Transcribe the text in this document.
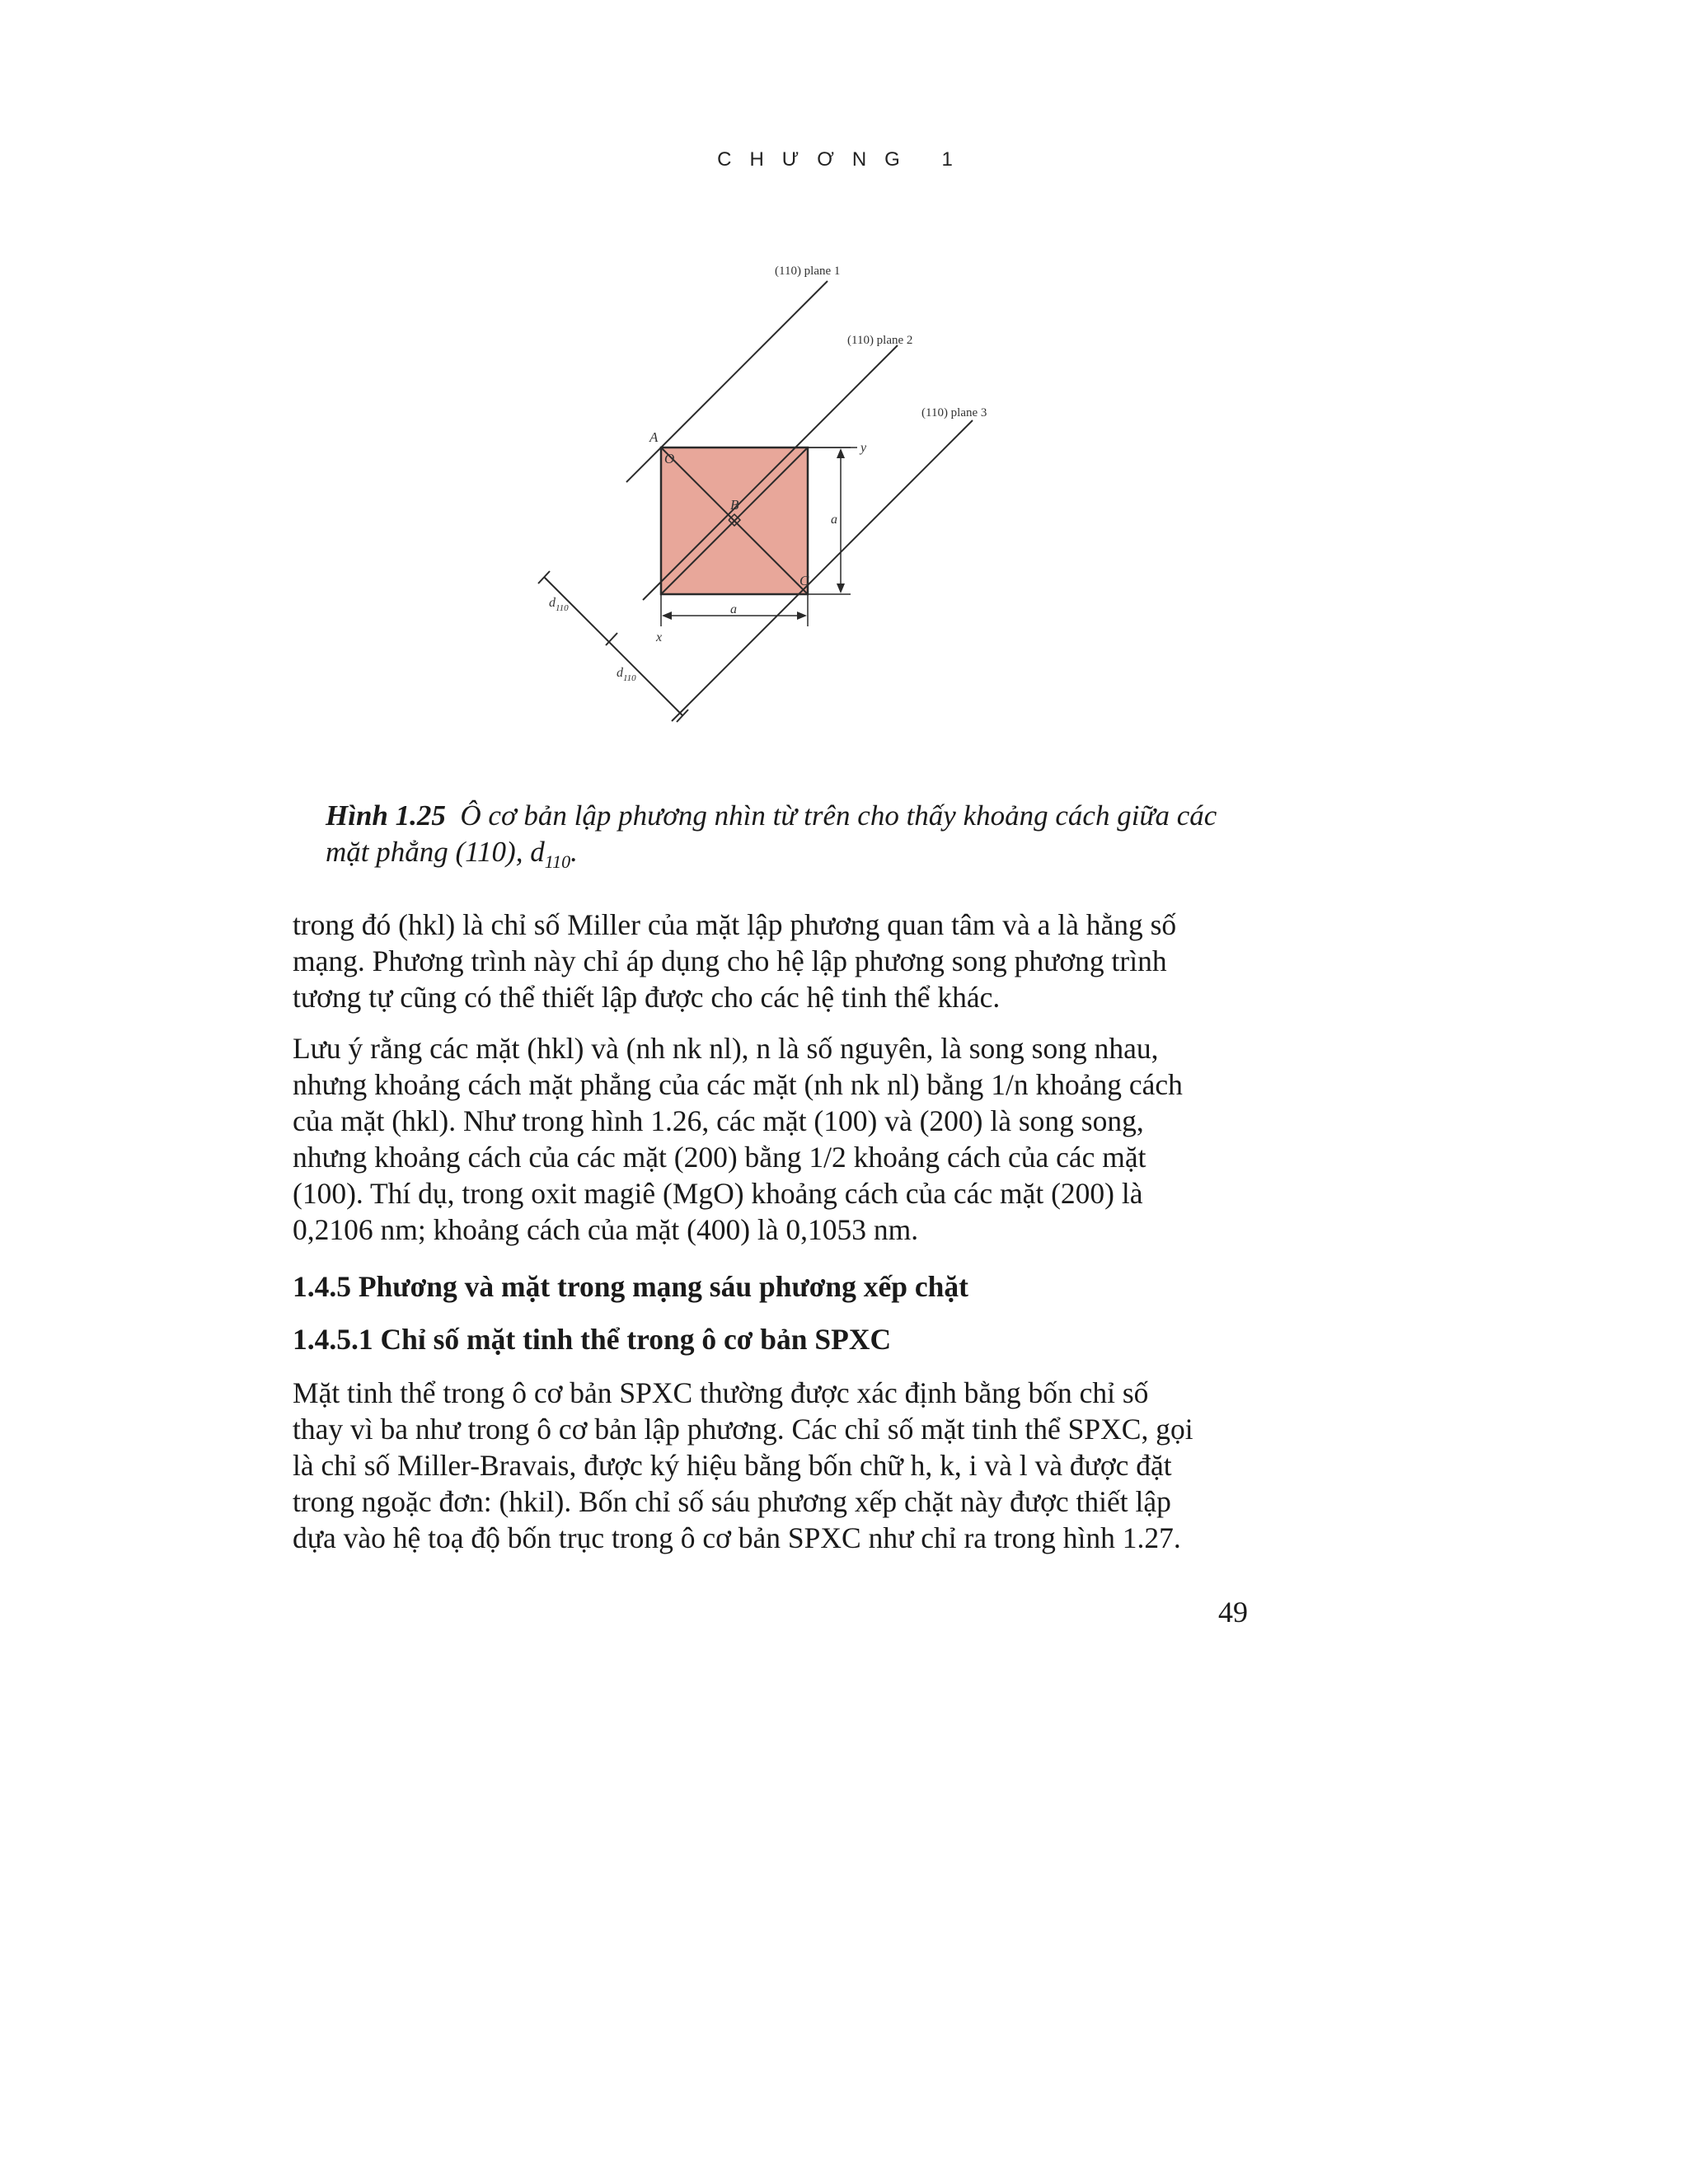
CHƯƠNG 1
(110) plane 1
(110) plane 2
(110) plane 3
A
O
B
C
y
x
a
a
$d_{110}$
$d_{110}$
Hình 1.25 Ô cơ bản lập phương nhìn từ trên cho thấy khoảng cách giữa các
mặt phẳng (110), $d_{110}$.
trong đó (hkl) là chỉ số Miller của mặt lập phương quan tâm và a là hằng số
mạng. Phương trình này chỉ áp dụng cho hệ lập phương song phương trình
tương tự cũng có thể thiết lập được cho các hệ tinh thể khác.
Lưu ý rằng các mặt (hkl) và (nh nk nl), n là số nguyên, là song song nhau,
nhưng khoảng cách mặt phẳng của các mặt (nh nk nl) bằng 1/n khoảng cách
của mặt (hkl). Như trong hình 1.26, các mặt (100) và (200) là song song,
nhưng khoảng cách của các mặt (200) bằng 1/2 khoảng cách của các mặt
(100). Thí dụ, trong oxit magiê (MgO) khoảng cách của các mặt (200) là
0,2106 nm; khoảng cách của mặt (400) là 0,1053 nm.
1.4.5 Phương và mặt trong mạng sáu phương xếp chặt
1.4.5.1 Chỉ số mặt tinh thể trong ô cơ bản SPXC
Mặt tinh thể trong ô cơ bản SPXC thường được xác định bằng bốn chỉ số
thay vì ba như trong ô cơ bản lập phương. Các chỉ số mặt tinh thể SPXC, gọi
là chỉ số Miller-Bravais, được ký hiệu bằng bốn chữ h, k, i và l và được đặt
trong ngoặc đơn: (hkil). Bốn chỉ số sáu phương xếp chặt này được thiết lập
dựa vào hệ toạ độ bốn trục trong ô cơ bản SPXC như chỉ ra trong hình 1.27.
49
